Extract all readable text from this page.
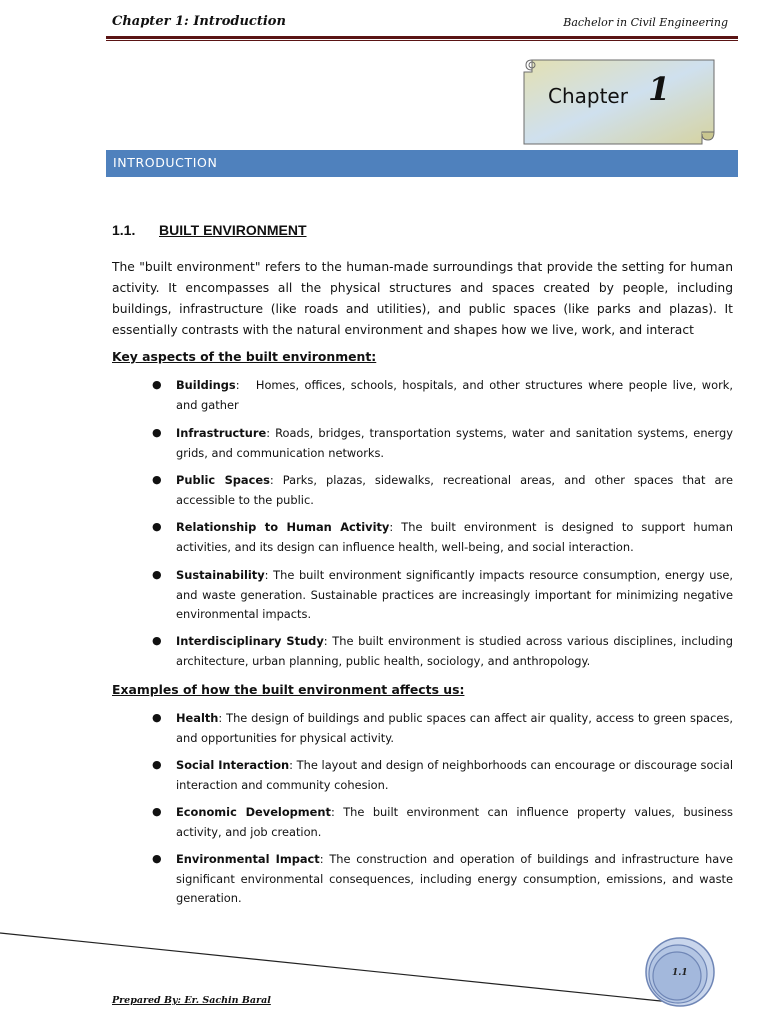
Chapter 1: Introduction	Bachelor in Civil Engineering
Chapter 1
INTRODUCTION
1.1. BUILT ENVIRONMENT
The "built environment" refers to the human-made surroundings that provide the setting for human activity. It encompasses all the physical structures and spaces created by people, including buildings, infrastructure (like roads and utilities), and public spaces (like parks and plazas). It essentially contrasts with the natural environment and shapes how we live, work, and interact
Key aspects of the built environment:
● Buildings:   Homes, offices, schools, hospitals, and other structures where people live, work, and gather
● Infrastructure: Roads, bridges, transportation systems, water and sanitation systems, energy grids, and communication networks.
● Public Spaces: Parks, plazas, sidewalks, recreational areas, and other spaces that are accessible to the public.
● Relationship to Human Activity: The built environment is designed to support human activities, and its design can influence health, well-being, and social interaction.
● Sustainability: The built environment significantly impacts resource consumption, energy use, and waste generation. Sustainable practices are increasingly important for minimizing negative environmental impacts.
● Interdisciplinary Study: The built environment is studied across various disciplines, including architecture, urban planning, public health, sociology, and anthropology.
Examples of how the built environment affects us:
● Health: The design of buildings and public spaces can affect air quality, access to green spaces, and opportunities for physical activity.
● Social Interaction: The layout and design of neighborhoods can encourage or discourage social interaction and community cohesion.
● Economic Development: The built environment can influence property values, business activity, and job creation.
● Environmental Impact: The construction and operation of buildings and infrastructure have significant environmental consequences, including energy consumption, emissions, and waste generation.
1.1
Prepared By: Er. Sachin Baral
